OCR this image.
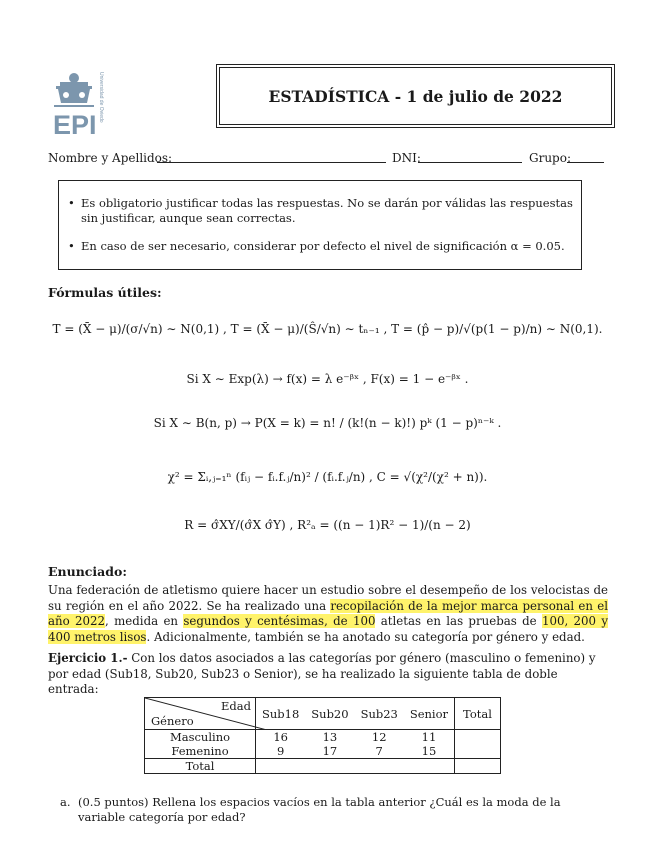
EPI
Universidad de Oviedo	ESTADÍSTICA - 1 de julio de 2022
Nombre y Apellidos:	DNI:	Grupo:
• Es obligatorio justificar todas las respuestas. No se darán por válidas las respuestas sin justificar, aunque sean correctas.
• En caso de ser necesario, considerar por defecto el nivel de significación α = 0.05.
Fórmulas útiles:
T = (X̄ − μ)/(σ/√n) ∼ N(0,1) , T = (X̄ − μ)/(Ŝ/√n) ∼ tₙ₋₁ , T = (p̂ − p)/√(p(1 − p)/n) ∼ N(0,1).
Si X ∼ Exp(λ) → f(x) = λ e⁻ᵝˣ , F(x) = 1 − e⁻ᵝˣ .
Si X ∼ B(n, p) → P(X = k) = n! / (k!(n − k)!) pᵏ (1 − p)ⁿ⁻ᵏ .
χ² = Σᵢ,ⱼ₌₁ⁿ (fᵢⱼ − fᵢ.f.ⱼ/n)² / (fᵢ.f.ⱼ/n) , C = √(χ²/(χ² + n)).
R = σ̂XY/(σ̂X σ̂Y) , R²ₐ = ((n − 1)R² − 1)/(n − 2)
Enunciado:
Una federación de atletismo quiere hacer un estudio sobre el desempeño de los velocistas de su región en el año 2022. Se ha realizado una recopilación de la mejor marca personal en el año 2022, medida en segundos y centésimas, de 100 atletas en las pruebas de 100, 200 y 400 metros lisos. Adicionalmente, también se ha anotado su categoría por género y edad.
Ejercicio 1.- Con los datos asociados a las categorías por género (masculino o femenino) y por edad (Sub18, Sub20, Sub23 o Senior), se ha realizado la siguiente tabla de doble entrada:
Edad
Género	Sub18	Sub20	Sub23	Senior	Total
Masculino	16	13	12	11	
Femenino	9	17	7	15	
Total					
a. (0.5 puntos) Rellena los espacios vacíos en la tabla anterior ¿Cuál es la moda de la variable categoría por edad?
